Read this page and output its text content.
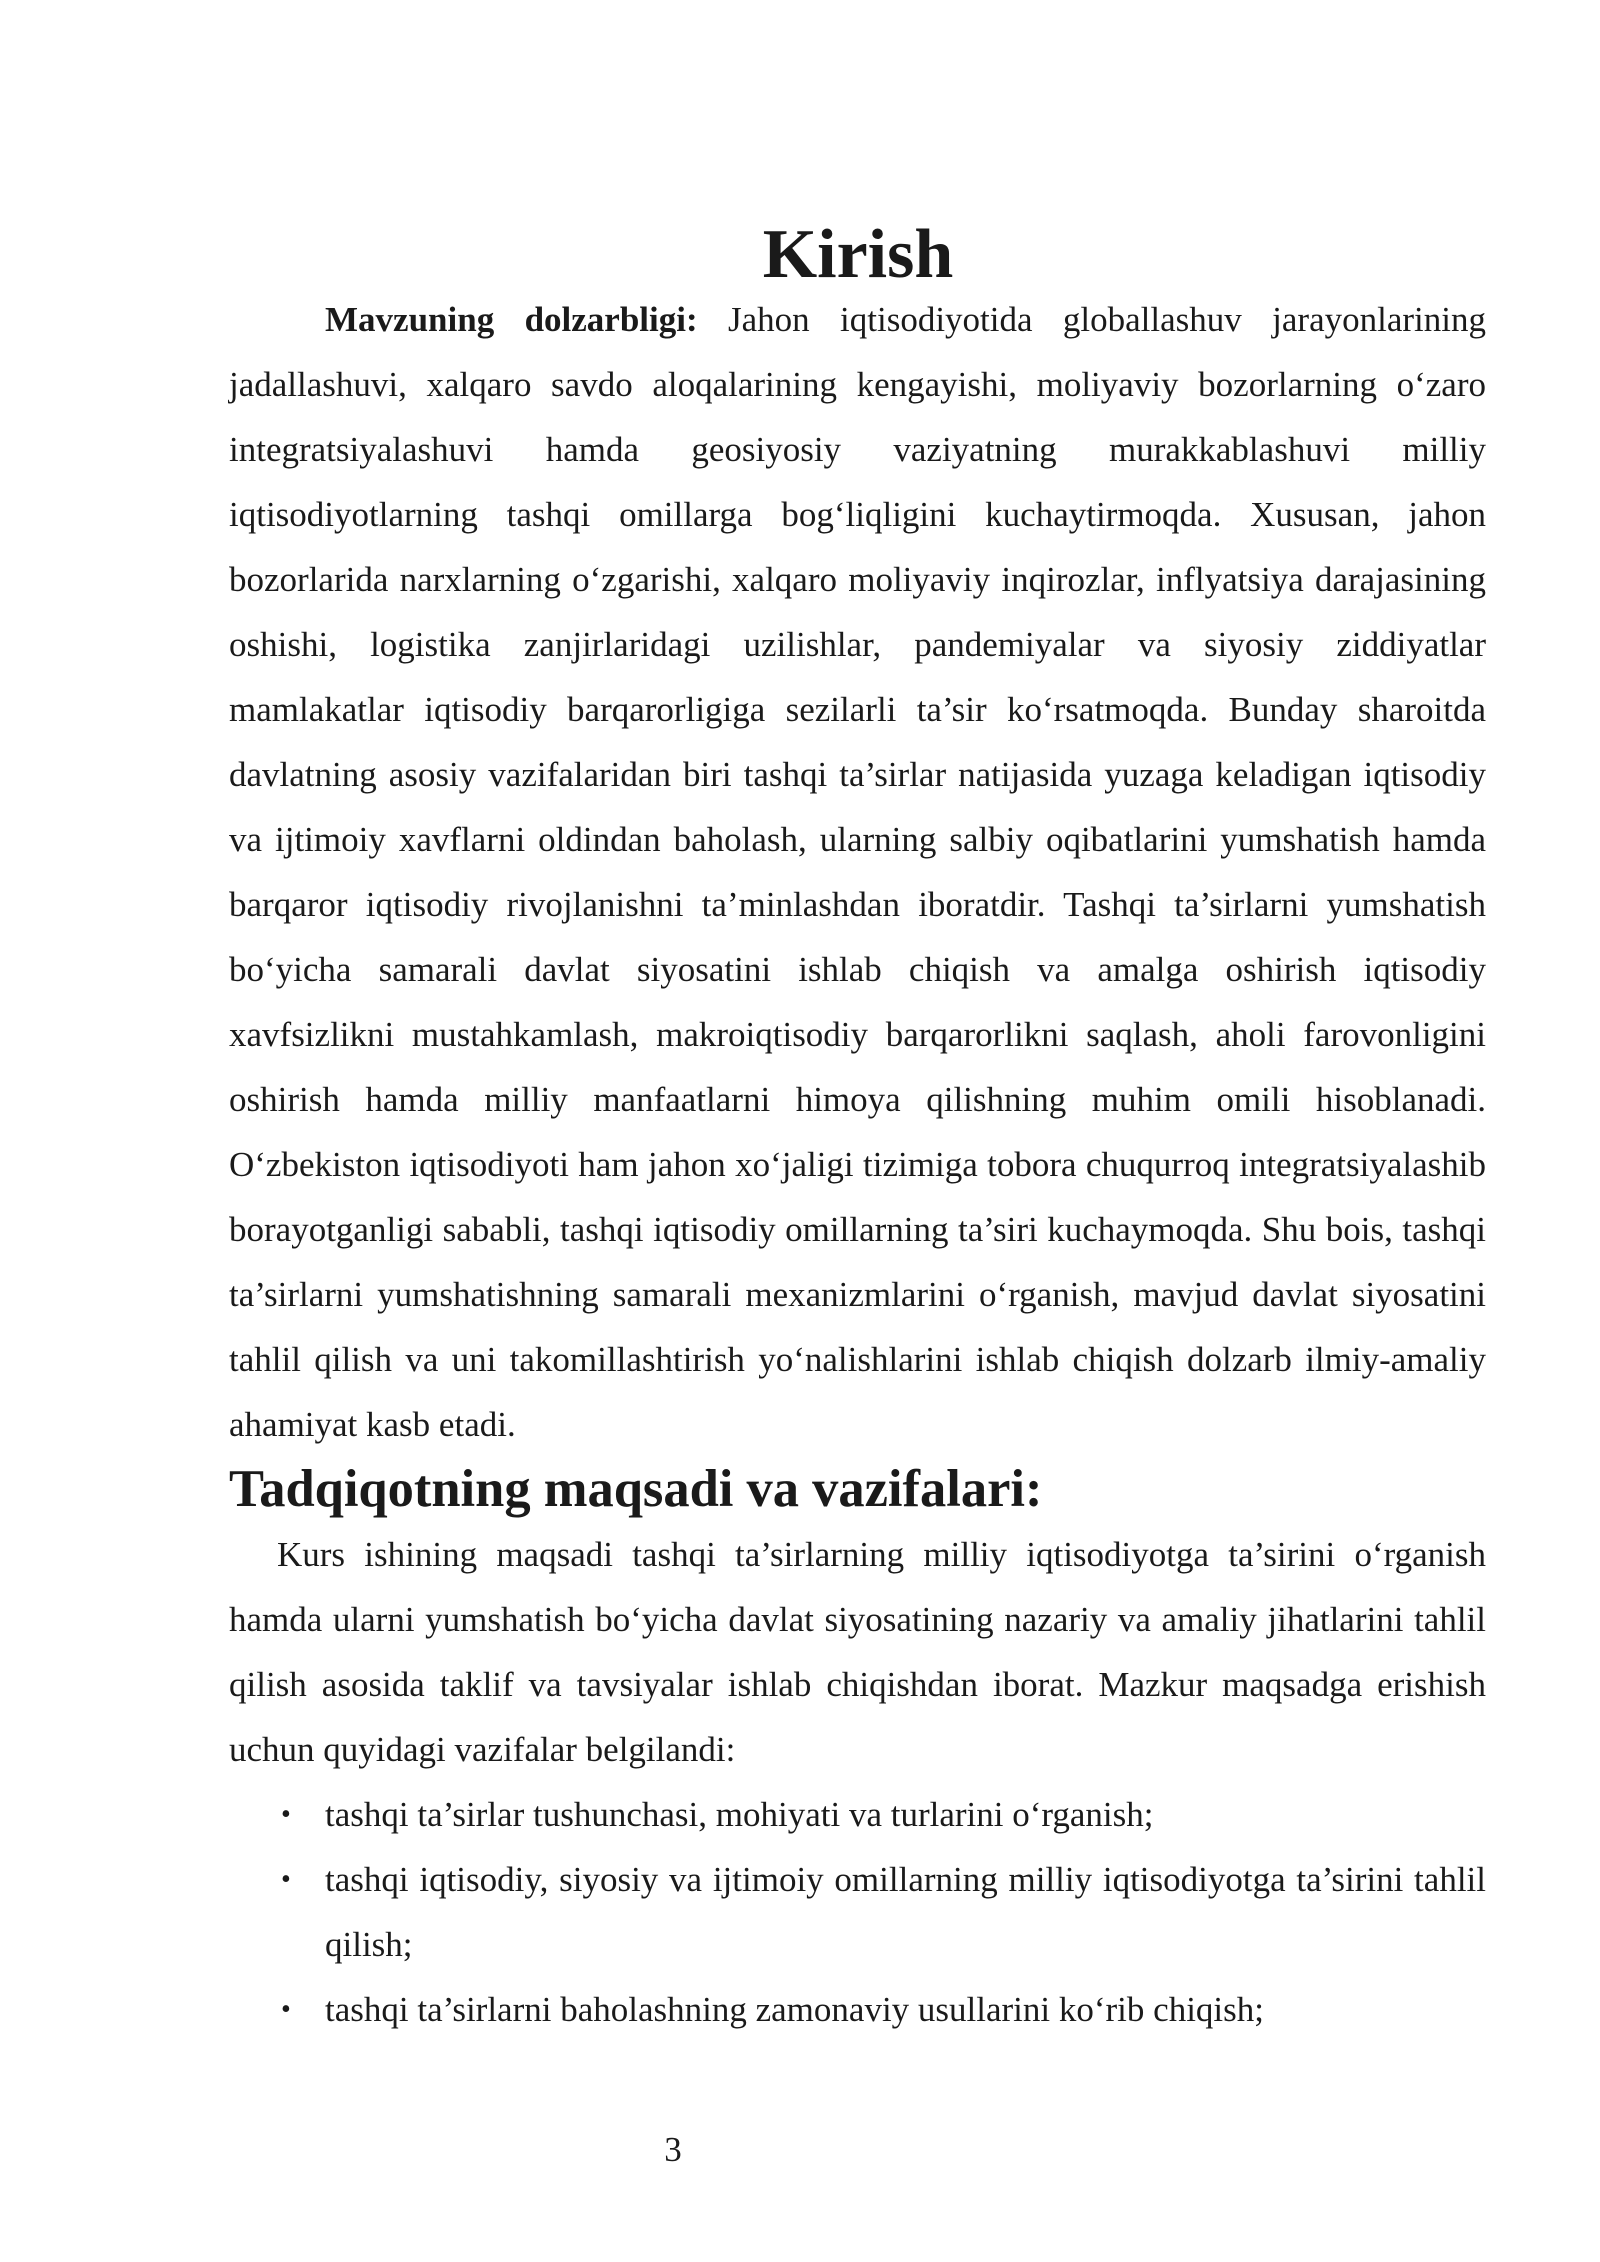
Kirish

Mavzuning dolzarbligi: Jahon iqtisodiyotida globallashuv jarayonlarining jadallashuvi, xalqaro savdo aloqalarining kengayishi, moliyaviy bozorlarning o‘zaro integratsiyalashuvi hamda geosiyosiy vaziyatning murakkablashuvi milliy iqtisodiyotlarning tashqi omillarga bog‘liqligini kuchaytirmoqda. Xususan, jahon bozorlarida narxlarning o‘zgarishi, xalqaro moliyaviy inqirozlar, inflyatsiya darajasining oshishi, logistika zanjirlaridagi uzilishlar, pandemiyalar va siyosiy ziddiyatlar mamlakatlar iqtisodiy barqarorligiga sezilarli ta’sir ko‘rsatmoqda. Bunday sharoitda davlatning asosiy vazifalaridan biri tashqi ta’sirlar natijasida yuzaga keladigan iqtisodiy va ijtimoiy xavflarni oldindan baholash, ularning salbiy oqibatlarini yumshatish hamda barqaror iqtisodiy rivojlanishni ta’minlashdan iboratdir. Tashqi ta’sirlarni yumshatish bo‘yicha samarali davlat siyosatini ishlab chiqish va amalga oshirish iqtisodiy xavfsizlikni mustahkamlash, makroiqtisodiy barqarorlikni saqlash, aholi farovonligini oshirish hamda milliy manfaatlarni himoya qilishning muhim omili hisoblanadi. O‘zbekiston iqtisodiyoti ham jahon xo‘jaligi tizimiga tobora chuqurroq integratsiyalashib borayotganligi sababli, tashqi iqtisodiy omillarning ta’siri kuchaymoqda. Shu bois, tashqi ta’sirlarni yumshatishning samarali mexanizmlarini o‘rganish, mavjud davlat siyosatini tahlil qilish va uni takomillashtirish yo‘nalishlarini ishlab chiqish dolzarb ilmiy-amaliy ahamiyat kasb etadi.

Tadqiqotning maqsadi va vazifalari:

Kurs ishining maqsadi tashqi ta’sirlarning milliy iqtisodiyotga ta’sirini o‘rganish hamda ularni yumshatish bo‘yicha davlat siyosatining nazariy va amaliy jihatlarini tahlil qilish asosida taklif va tavsiyalar ishlab chiqishdan iborat. Mazkur maqsadga erishish uchun quyidagi vazifalar belgilandi:

• tashqi ta’sirlar tushunchasi, mohiyati va turlarini o‘rganish;
• tashqi iqtisodiy, siyosiy va ijtimoiy omillarning milliy iqtisodiyotga ta’sirini tahlil qilish;
• tashqi ta’sirlarni baholashning zamonaviy usullarini ko‘rib chiqish;
3
